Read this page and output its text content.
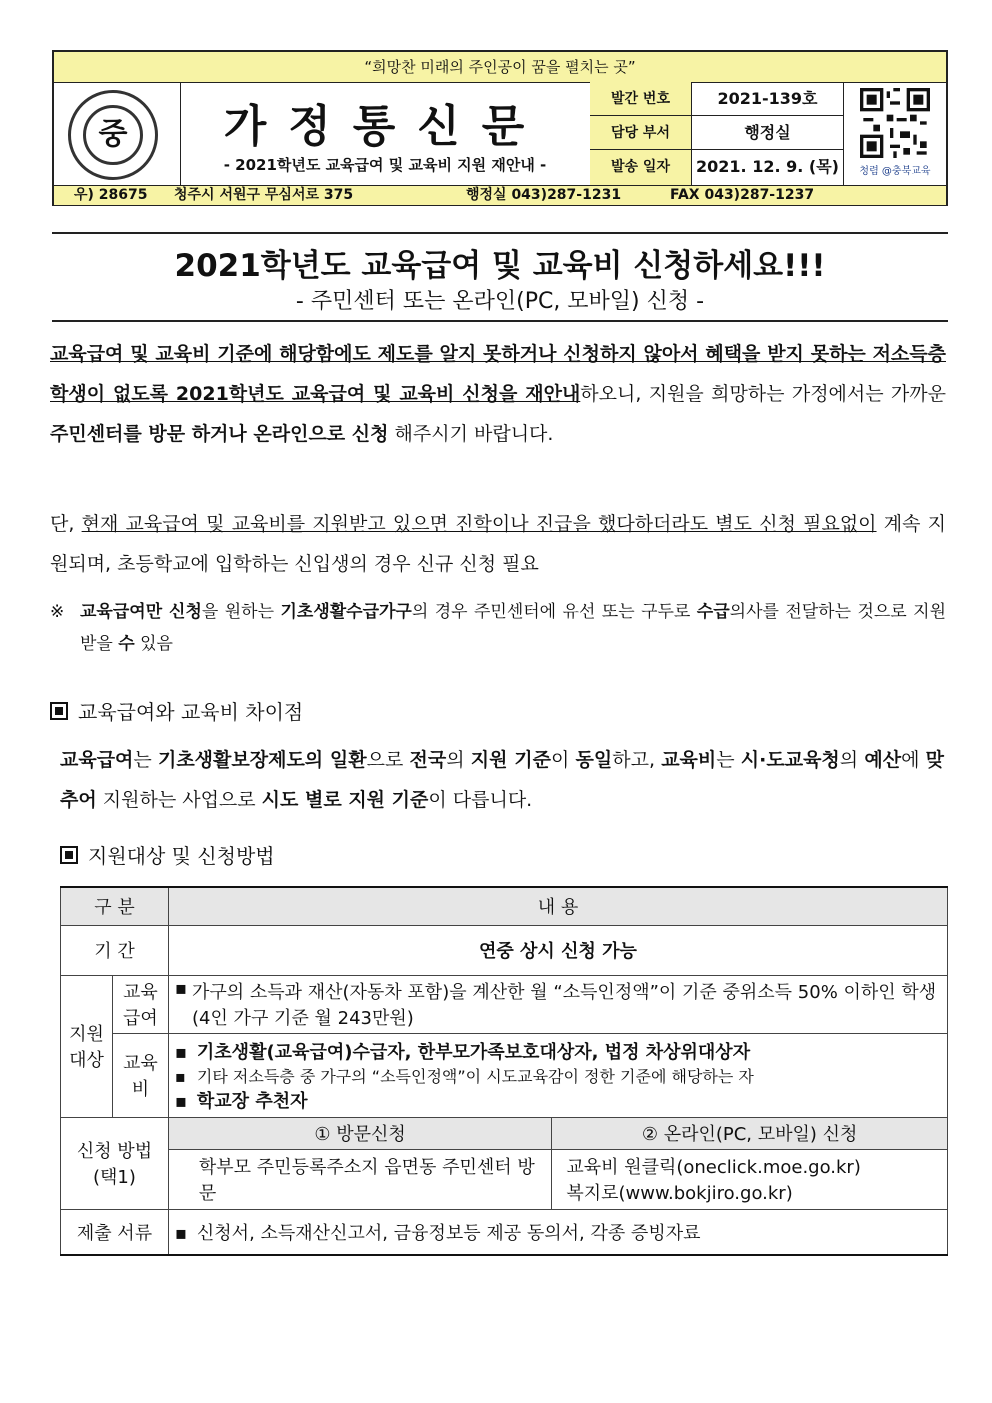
“희망찬 미래의 주인공이 꿈을 펼치는 곳”
중	가정통신문
- 2021학년도 교육급여 및 교육비 지원 재안내 -
발간 번호	2021-139호
담당 부서	행정실
발송 일자	2021. 12. 9. (목)	청렴 @충북교육
우) 28675 청주시 서원구 무심서로 375	행정실 043)287-1231	FAX 043)287-1237
2021학년도 교육급여 및 교육비 신청하세요!!!
- 주민센터 또는 온라인(PC, 모바일) 신청 -
교육급여 및 교육비 기준에 해당함에도 제도를 알지 못하거나 신청하지 않아서 혜택을 받지 못하는 저소득층 학생이 없도록 2021학년도 교육급여 및 교육비 신청을 재안내하오니, 지원을 희망하는 가정에서는 가까운 주민센터를 방문 하거나 온라인으로 신청 해주시기 바랍니다.
단, 현재 교육급여 및 교육비를 지원받고 있으면 진학이나 진급을 했다하더라도 별도 신청 필요없이 계속 지원되며, 초등학교에 입학하는 신입생의 경우 신규 신청 필요
※ 교육급여만 신청을 원하는 기초생활수급가구의 경우 주민센터에 유선 또는 구두로 수급의사를 전달하는 것으로 지원받을 수 있음
교육급여와 교육비 차이점
교육급여는 기초생활보장제도의 일환으로 전국의 지원 기준이 동일하고, 교육비는 시·도교육청의 예산에 맞추어 지원하는 사업으로 시도 별로 지원 기준이 다릅니다.
지원대상 및 신청방법
구 분		내 용	
기 간		연중 상시 신청 가능	
지원 대상	교육 급여	▪ 가구의 소득과 재산(자동차 포함)을 계산한 월 “소득인정액”이 기준 중위소득 50% 이하인 학생(4인 가구 기준 월 243만원)	

	교육 비	▪ 기초생활(교육급여)수급자, 한부모가족보호대상자, 법정 차상위대상자
▪ 기타 저소득층 중 가구의 “소득인정액”이 시도교육감이 정한 기준에 해당하는 자
▪ 학교장 추천자	

신청 방법 (택1)		① 방문신청	② 온라인(PC, 모바일) 신청
		학부모 주민등록주소지 읍면동 주민센터 방문	교육비 원클릭(oneclick.moe.go.kr)
복지로(www.bokjiro.go.kr)

제출 서류		▪ 신청서, 소득재산신고서, 금융정보등 제공 동의서, 각종 증빙자료	
